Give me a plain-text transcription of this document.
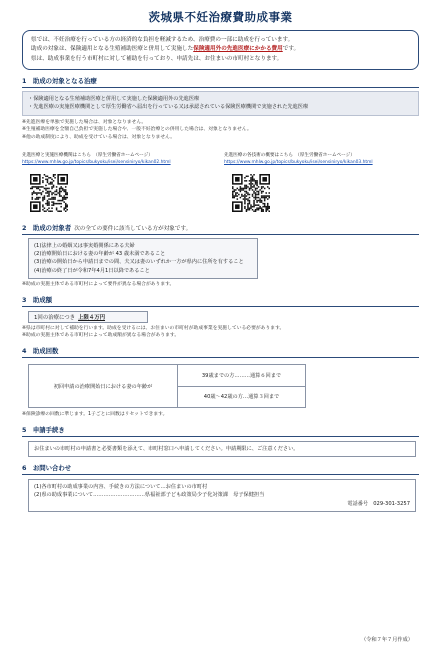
茨城県不妊治療費助成事業
県では、不妊治療を行っている方の経済的な負担を軽減するため、治療費の一部に助成を行っています。
助成の対象は、保険適用となる生殖補助医療と併用して実施した保険適用外の先進医療にかかる費用です。
県は、助成事業を行う市町村に対して補助を行っており、申請先は、お住まいの市町村となります。
1　助成の対象となる治療
・保険適用となる生殖補助医療と併用して実施した保険適用外の先進医療
・先進医療の実施医療機関として厚生労働省へ届出を行っている又は承認されている保険医療機関で実施された先進医療
※先進医療を単独で実施した場合は、対象となりません。
※生殖補助医療を全額自己負担で実施した場合や、一般不妊治療との併用した場合は、対象となりません。
※他の助成制度により、助成を受けている場合は、対象となりません。
先進医療と実施医療機関はこちら　（厚生労働省ホームページ）
https://www.mhlw.go.jp/topics/bukyoku/isei/sensiniryo/kikan02.html
先進医療の各技術の概要はこちら　（厚生労働省ホームページ）
https://www.mhlw.go.jp/topics/bukyoku/isei/sensiniryo/kikan03.html
2　助成の対象者 次の全ての要件に該当している方が対象です。
(1)法律上の婚姻又は事実婚関係にある夫婦
(2)治療開始日における妻の年齢が 43 歳未満であること
(3)治療の開始日から申請日までの間、夫又は妻のいずれか一方が県内に住所を有すること
(4)治療の終了日が令和7年4月1日以降であること
※助成の実施主体である市町村によって要件が異なる場合があります。
3　助成額
1回の治療につき 上限４万円
※県は市町村に対して補助を行います。助成を受けるには、お住まいの市町村が助成事業を実施している必要があります。
※助成の実施主体である市町村によって助成額が異なる場合があります。
4　助成回数
初回申請の治療開始日における妻の年齢が
39歳までの方………通算６回まで
40歳～42歳の方…通算３回まで
※保険診療の回数に準じます。1子ごとに回数はリセットできます。
5　申請手続き
お住まいの市町村の申請書と必要書類を添えて、市町村窓口へ申請してください。申請期限に、ご注意ください。
6　お問い合わせ
(1)各市町村の助成事業の内容、手続きの方法について…お住まいの市町村
(2)県の助成事業について…………………………県福祉部子ども政策局少子化対策課　母子保健担当
電話番号　029-301-3257
（令和７年７月作成）
